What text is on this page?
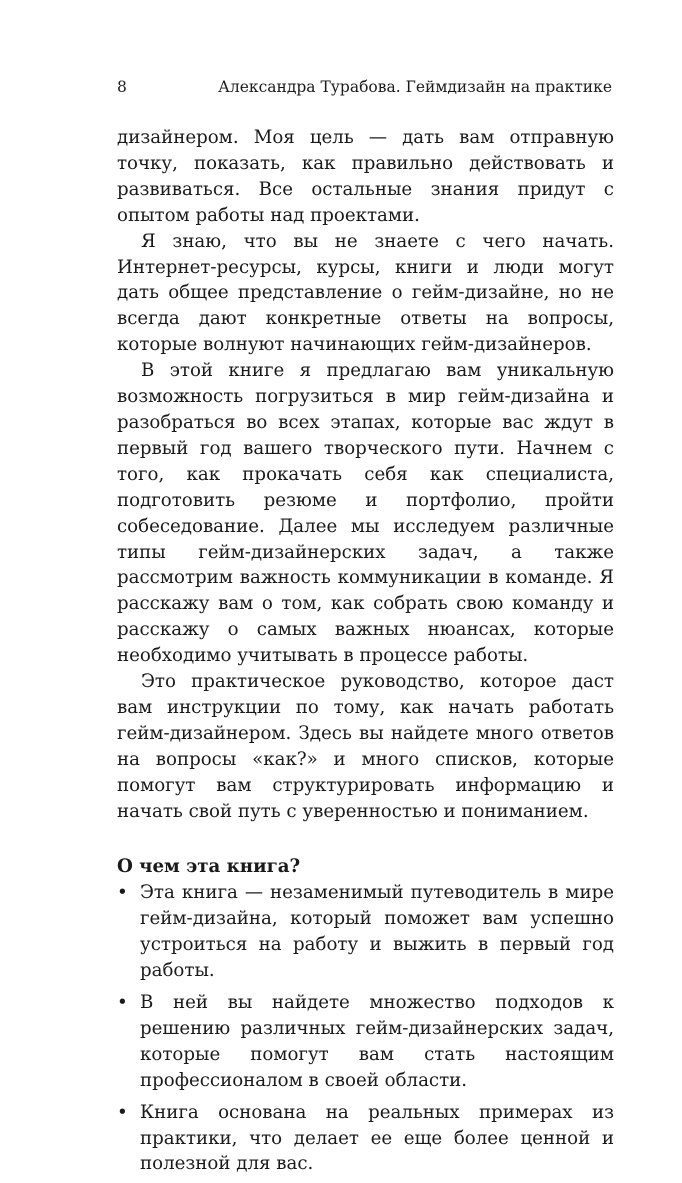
8	Александра Турабова. Геймдизайн на практике

дизайнером. Моя цель — дать вам отправную точку, показать, как правильно действовать и развиваться. Все остальные знания придут с опытом работы над проектами.

Я знаю, что вы не знаете с чего начать. Интернет-ресурсы, курсы, книги и люди могут дать общее представление о гейм-дизайне, но не всегда дают конкретные ответы на вопросы, которые волнуют начинающих гейм-дизайнеров.

В этой книге я предлагаю вам уникальную возможность погрузиться в мир гейм-дизайна и разобраться во всех этапах, которые вас ждут в первый год вашего творческого пути. Начнем с того, как прокачать себя как специалиста, подготовить резюме и портфолио, пройти собеседование. Далее мы исследуем различные типы гейм-дизайнерских задач, а также рассмотрим важность коммуникации в команде. Я расскажу вам о том, как собрать свою команду и расскажу о самых важных нюансах, которые необходимо учитывать в процессе работы.

Это практическое руководство, которое даст вам инструкции по тому, как начать работать гейм-дизайнером. Здесь вы найдете много ответов на вопросы «как?» и много списков, которые помогут вам структурировать информацию и начать свой путь с уверенностью и пониманием.

О чем эта книга?
• Эта книга — незаменимый путеводитель в мире гейм-дизайна, который поможет вам успешно устроиться на работу и выжить в первый год работы.
• В ней вы найдете множество подходов к решению различных гейм-дизайнерских задач, которые помогут вам стать настоящим профессионалом в своей области.
• Книга основана на реальных примерах из практики, что делает ее еще более ценной и полезной для вас.
